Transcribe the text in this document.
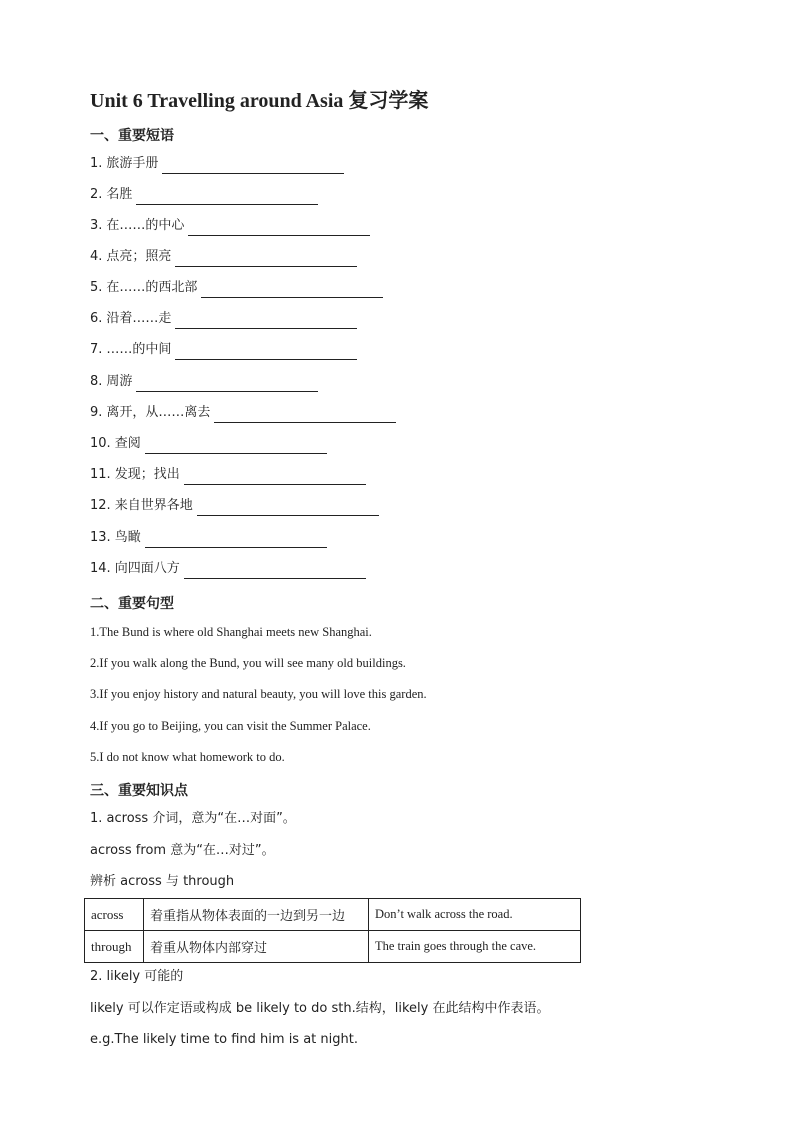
Unit 6 Travelling around Asia 复习学案
一、重要短语
1. 旅游手册
2. 名胜
3. 在……的中心
4. 点亮；照亮
5. 在……的西北部
6. 沿着……走
7. ……的中间
8. 周游
9. 离开，从……离去
10. 查阅
11. 发现；找出
12. 来自世界各地
13. 鸟瞰
14. 向四面八方
二、重要句型
1.The Bund is where old Shanghai meets new Shanghai.
2.If you walk along the Bund, you will see many old buildings.
3.If you enjoy history and natural beauty, you will love this garden.
4.If you go to Beijing, you can visit the Summer Palace.
5.I do not know what homework to do.
三、重要知识点
1. across 介词，意为“在…对面”。
across from 意为“在…对过”。
辨析 across 与 through
across	着重指从物体表面的一边到另一边	Don’t walk across the road.
through	着重从物体内部穿过	The train goes through the cave.
2. likely 可能的
likely 可以作定语或构成 be likely to do sth.结构，likely 在此结构中作表语。
e.g.The likely time to find him is at night.
